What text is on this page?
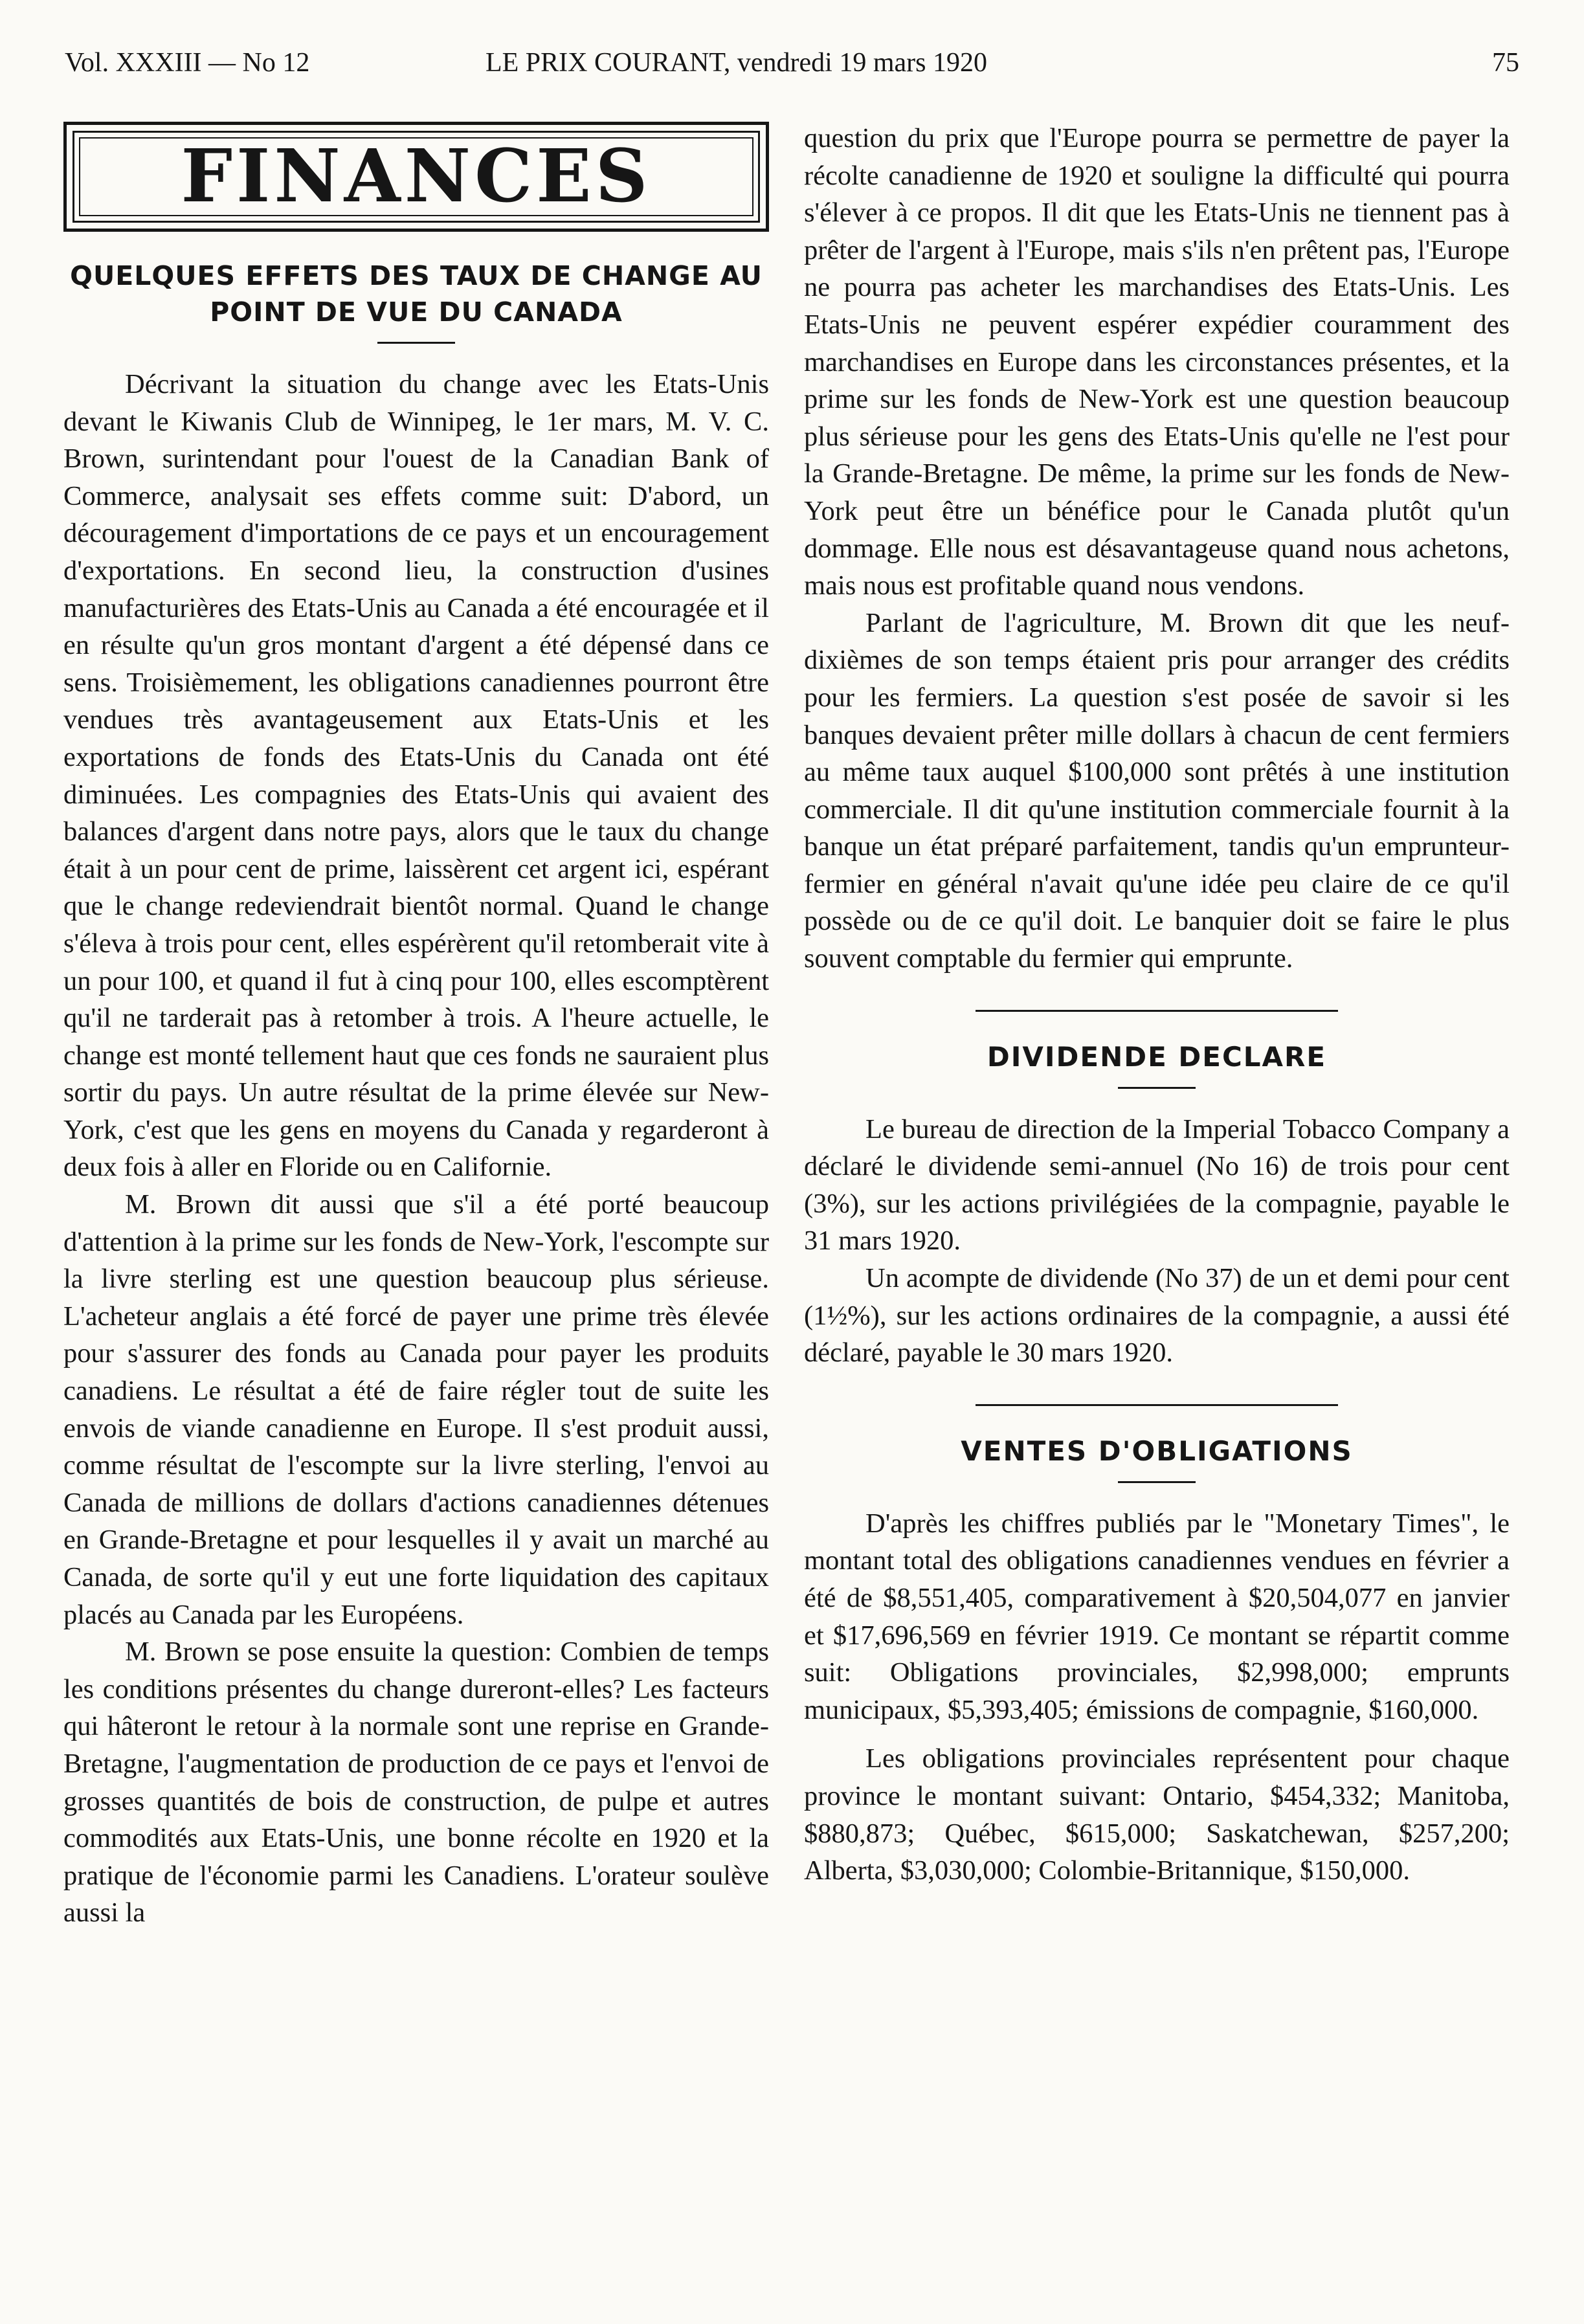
Vol. XXXIII — No 12	LE PRIX COURANT, vendredi 19 mars 1920	75
FINANCES
QUELQUES EFFETS DES TAUX DE CHANGE AU POINT DE VUE DU CANADA

Décrivant la situation du change avec les Etats-Unis devant le Kiwanis Club de Winnipeg, le 1er mars, M. V. C. Brown, surintendant pour l'ouest de la Canadian Bank of Commerce, analysait ses effets comme suit: D'abord, un découragement d'importations de ce pays et un encouragement d'exportations. En second lieu, la construction d'usines manufacturières des Etats-Unis au Canada a été encouragée et il en résulte qu'un gros montant d'argent a été dépensé dans ce sens. Troisièmement, les obligations canadiennes pourront être vendues très avantageusement aux Etats-Unis et les exportations de fonds des Etats-Unis du Canada ont été diminuées. Les compagnies des Etats-Unis qui avaient des balances d'argent dans notre pays, alors que le taux du change était à un pour cent de prime, laissèrent cet argent ici, espérant que le change redeviendrait bientôt normal. Quand le change s'éleva à trois pour cent, elles espérèrent qu'il retomberait vite à un pour 100, et quand il fut à cinq pour 100, elles escomptèrent qu'il ne tarderait pas à retomber à trois. A l'heure actuelle, le change est monté tellement haut que ces fonds ne sauraient plus sortir du pays. Un autre résultat de la prime élevée sur New-York, c'est que les gens en moyens du Canada y regarderont à deux fois à aller en Floride ou en Californie.

M. Brown dit aussi que s'il a été porté beaucoup d'attention à la prime sur les fonds de New-York, l'escompte sur la livre sterling est une question beaucoup plus sérieuse. L'acheteur anglais a été forcé de payer une prime très élevée pour s'assurer des fonds au Canada pour payer les produits canadiens. Le résultat a été de faire régler tout de suite les envois de viande canadienne en Europe. Il s'est produit aussi, comme résultat de l'escompte sur la livre sterling, l'envoi au Canada de millions de dollars d'actions canadiennes détenues en Grande-Bretagne et pour lesquelles il y avait un marché au Canada, de sorte qu'il y eut une forte liquidation des capitaux placés au Canada par les Européens.

M. Brown se pose ensuite la question: Combien de temps les conditions présentes du change dureront-elles? Les facteurs qui hâteront le retour à la normale sont une reprise en Grande-Bretagne, l'augmentation de production de ce pays et l'envoi de grosses quantités de bois de construction, de pulpe et autres commodités aux Etats-Unis, une bonne récolte en 1920 et la pratique de l'économie parmi les Canadiens. L'orateur soulève aussi la

question du prix que l'Europe pourra se permettre de payer la récolte canadienne de 1920 et souligne la difficulté qui pourra s'élever à ce propos. Il dit que les Etats-Unis ne tiennent pas à prêter de l'argent à l'Europe, mais s'ils n'en prêtent pas, l'Europe ne pourra pas acheter les marchandises des Etats-Unis. Les Etats-Unis ne peuvent espérer expédier couramment des marchandises en Europe dans les circonstances présentes, et la prime sur les fonds de New-York est une question beaucoup plus sérieuse pour les gens des Etats-Unis qu'elle ne l'est pour la Grande-Bretagne. De même, la prime sur les fonds de New-York peut être un bénéfice pour le Canada plutôt qu'un dommage. Elle nous est désavantageuse quand nous achetons, mais nous est profitable quand nous vendons.

Parlant de l'agriculture, M. Brown dit que les neuf-dixièmes de son temps étaient pris pour arranger des crédits pour les fermiers. La question s'est posée de savoir si les banques devaient prêter mille dollars à chacun de cent fermiers au même taux auquel $100,000 sont prêtés à une institution commerciale. Il dit qu'une institution commerciale fournit à la banque un état préparé parfaitement, tandis qu'un emprunteur-fermier en général n'avait qu'une idée peu claire de ce qu'il possède ou de ce qu'il doit. Le banquier doit se faire le plus souvent comptable du fermier qui emprunte.

DIVIDENDE DECLARE

Le bureau de direction de la Imperial Tobacco Company a déclaré le dividende semi-annuel (No 16) de trois pour cent (3%), sur les actions privilégiées de la compagnie, payable le 31 mars 1920.

Un acompte de dividende (No 37) de un et demi pour cent (1½%), sur les actions ordinaires de la compagnie, a aussi été déclaré, payable le 30 mars 1920.

VENTES D'OBLIGATIONS

D'après les chiffres publiés par le "Monetary Times", le montant total des obligations canadiennes vendues en février a été de $8,551,405, comparativement à $20,504,077 en janvier et $17,696,569 en février 1919. Ce montant se répartit comme suit: Obligations provinciales, $2,998,000; emprunts municipaux, $5,393,405; émissions de compagnie, $160,000.

Les obligations provinciales représentent pour chaque province le montant suivant: Ontario, $454,332; Manitoba, $880,873; Québec, $615,000; Saskatchewan, $257,200; Alberta, $3,030,000; Colombie-Britannique, $150,000.
